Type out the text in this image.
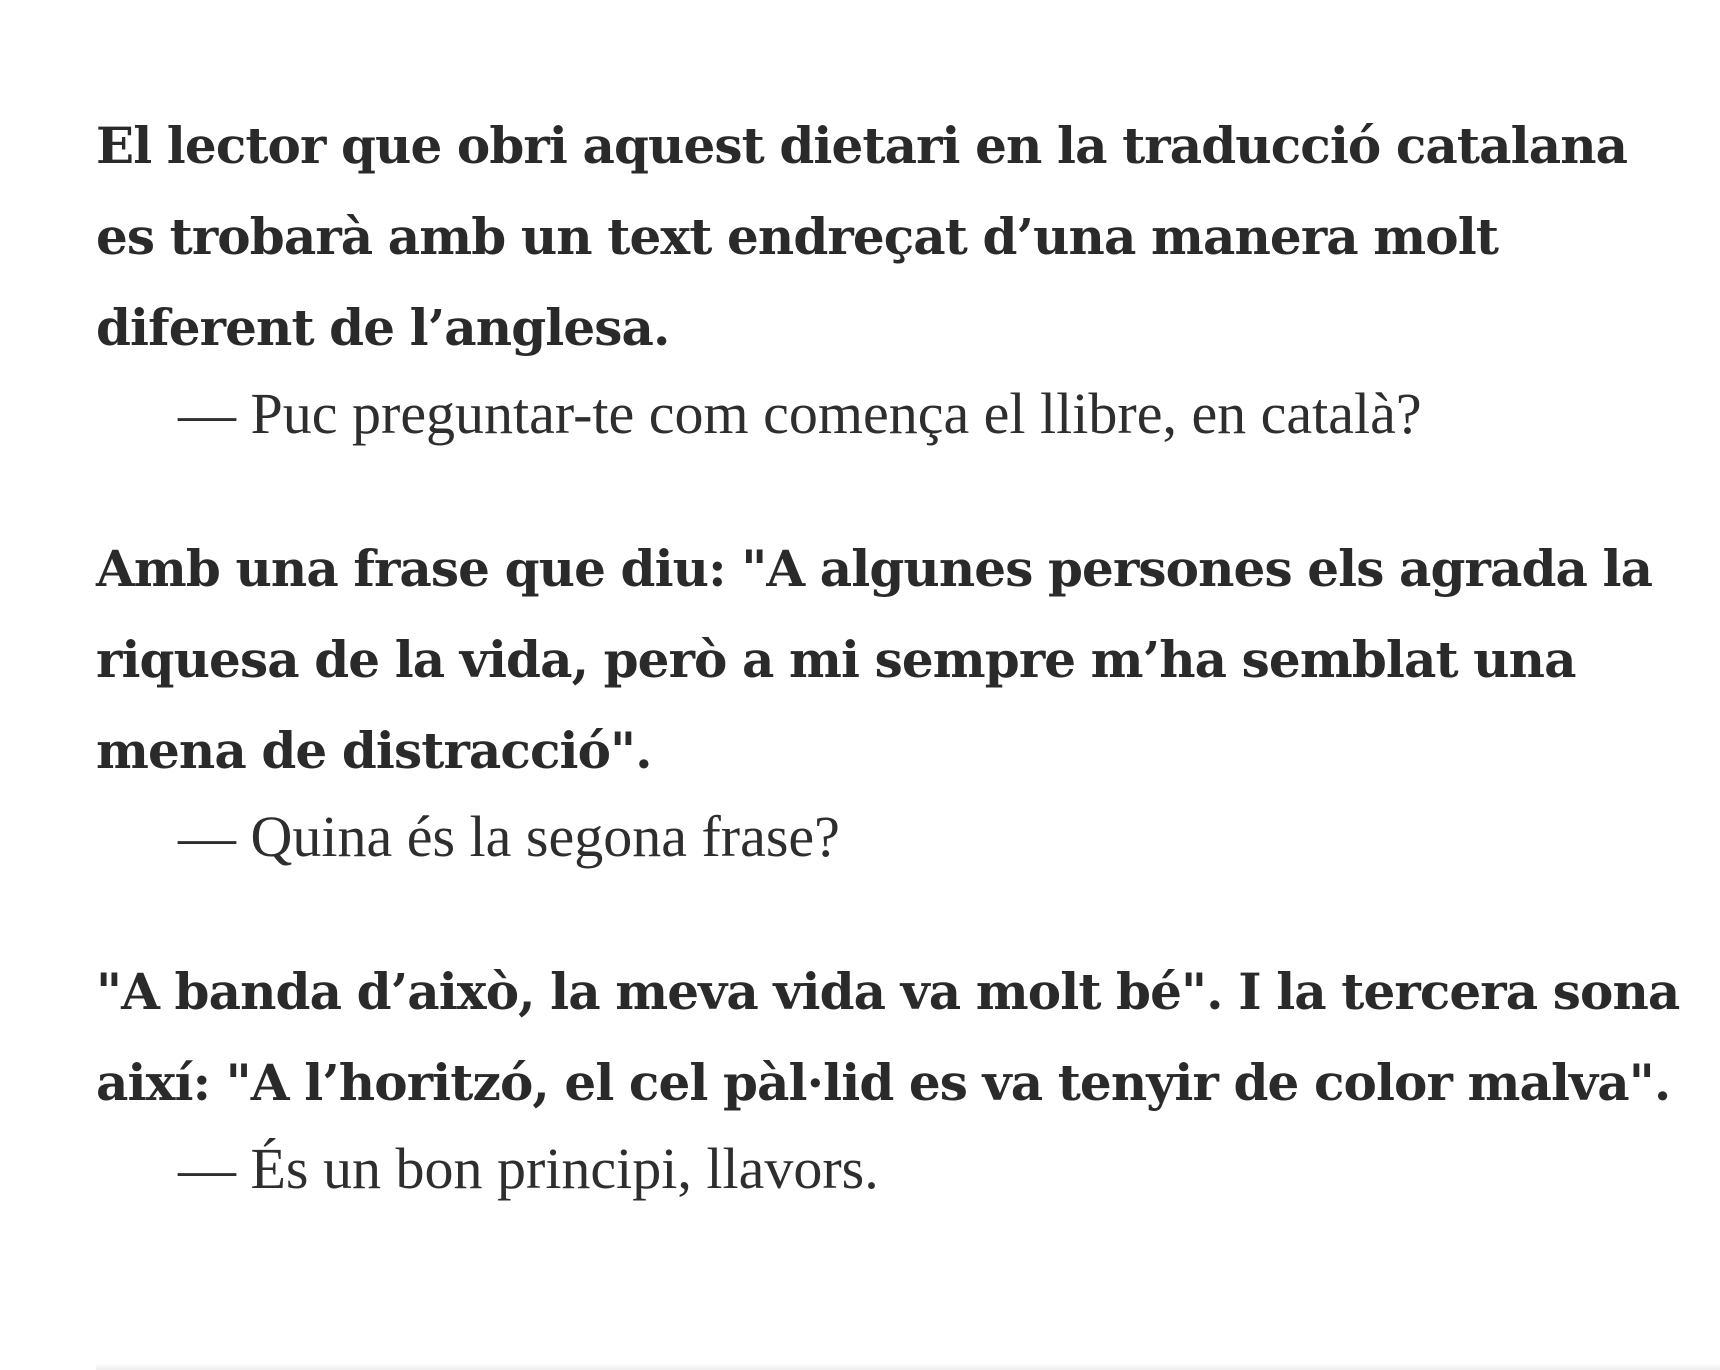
El lector que obri aquest dietari en la traducció catalana
es trobarà amb un text endreçat d’una manera molt
diferent de l’anglesa.

— Puc preguntar-te com comença el llibre, en català?

Amb una frase que diu: "A algunes persones els agrada la
riquesa de la vida, però a mi sempre m’ha semblat una
mena de distracció".

— Quina és la segona frase?

"A banda d’això, la meva vida va molt bé". I la tercera sona
així: "A l’horitzó, el cel pàl·lid es va tenyir de color malva".

— És un bon principi, llavors.
